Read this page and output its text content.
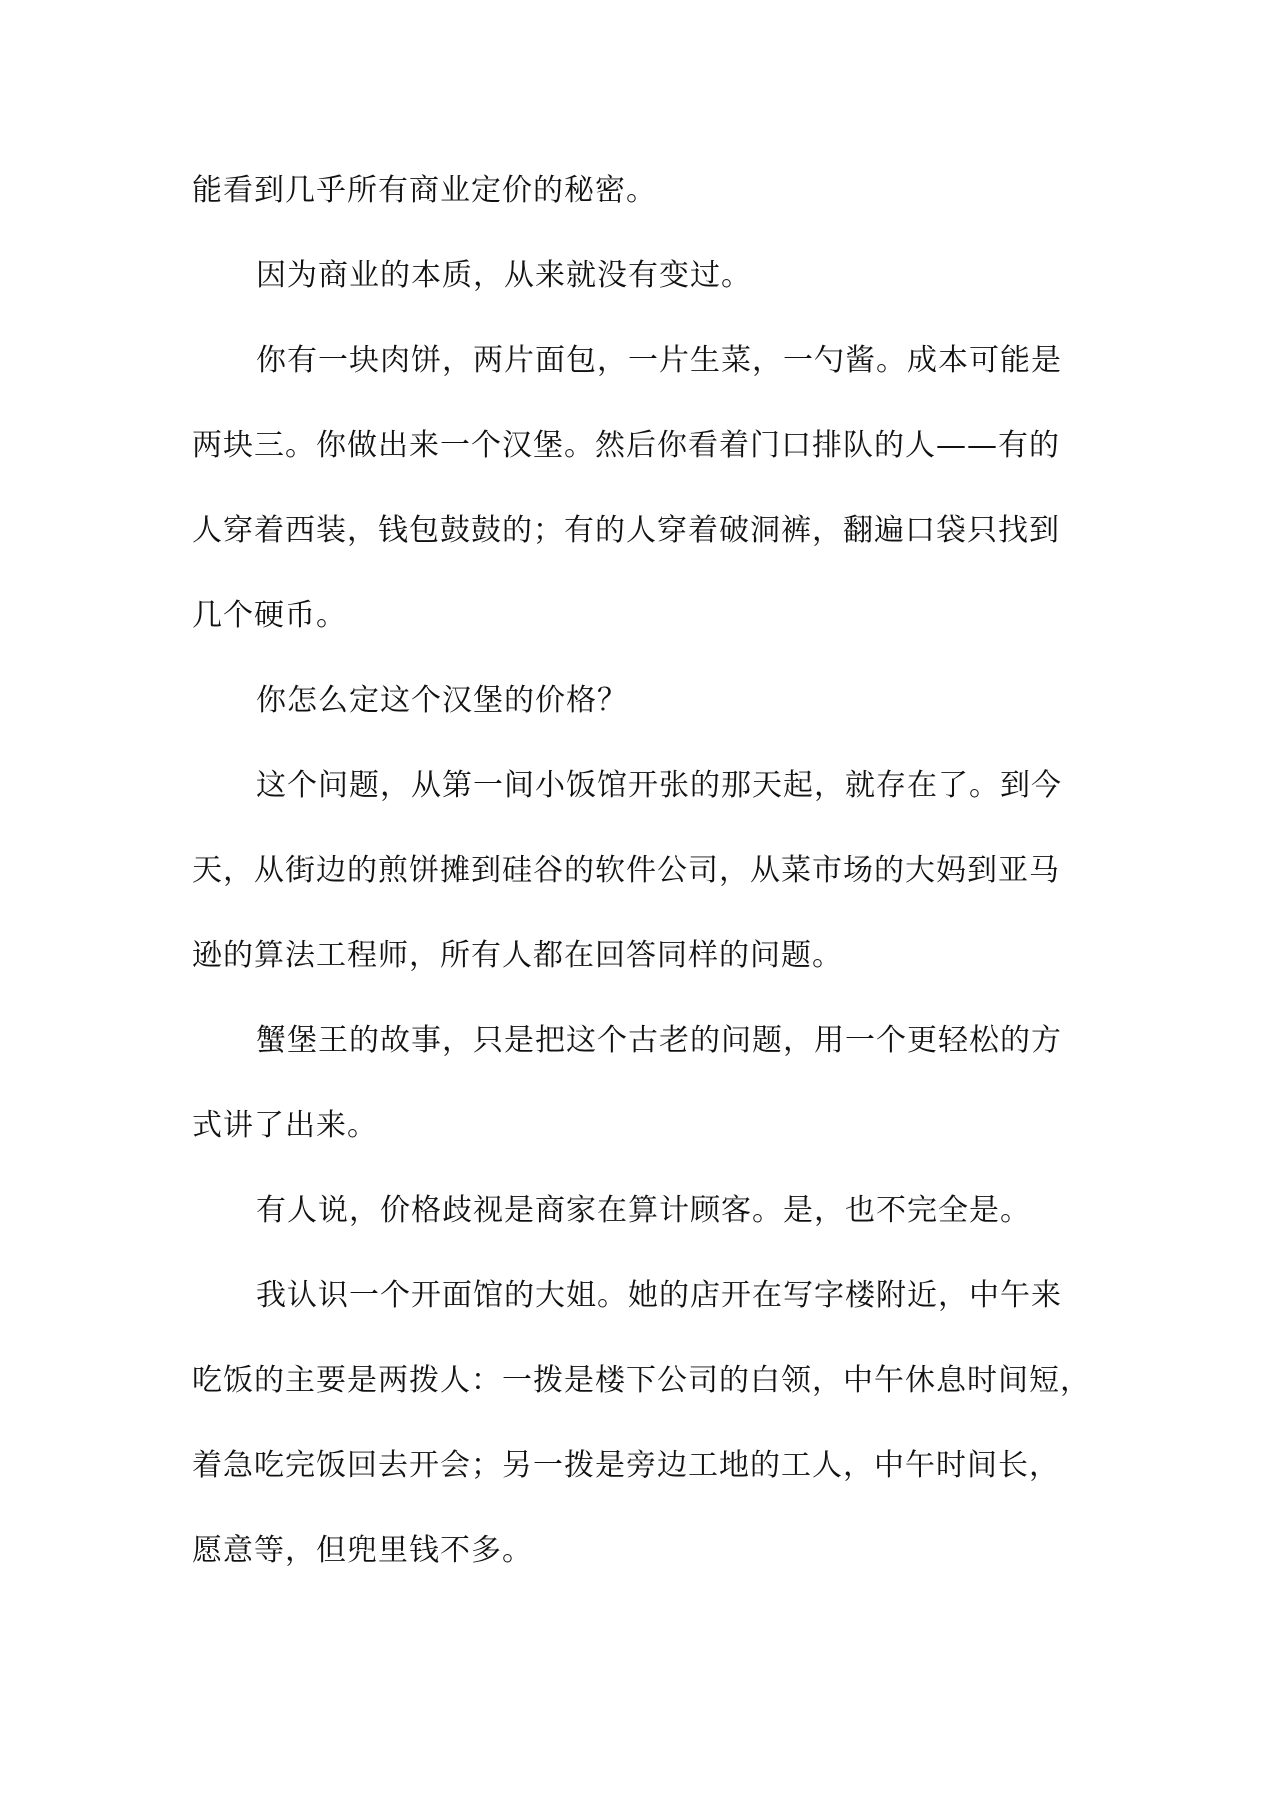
能看到几乎所有商业定价的秘密。
因为商业的本质，从来就没有变过。
你有一块肉饼，两片面包，一片生菜，一勺酱。成本可能是
两块三。你做出来一个汉堡。然后你看着门口排队的人——有的
人穿着西装，钱包鼓鼓的；有的人穿着破洞裤，翻遍口袋只找到
几个硬币。
你怎么定这个汉堡的价格？
这个问题，从第一间小饭馆开张的那天起，就存在了。到今
天，从街边的煎饼摊到硅谷的软件公司，从菜市场的大妈到亚马
逊的算法工程师，所有人都在回答同样的问题。
蟹堡王的故事，只是把这个古老的问题，用一个更轻松的方
式讲了出来。
有人说，价格歧视是商家在算计顾客。是，也不完全是。
我认识一个开面馆的大姐。她的店开在写字楼附近，中午来
吃饭的主要是两拨人：一拨是楼下公司的白领，中午休息时间短，
着急吃完饭回去开会；另一拨是旁边工地的工人，中午时间长，
愿意等，但兜里钱不多。
